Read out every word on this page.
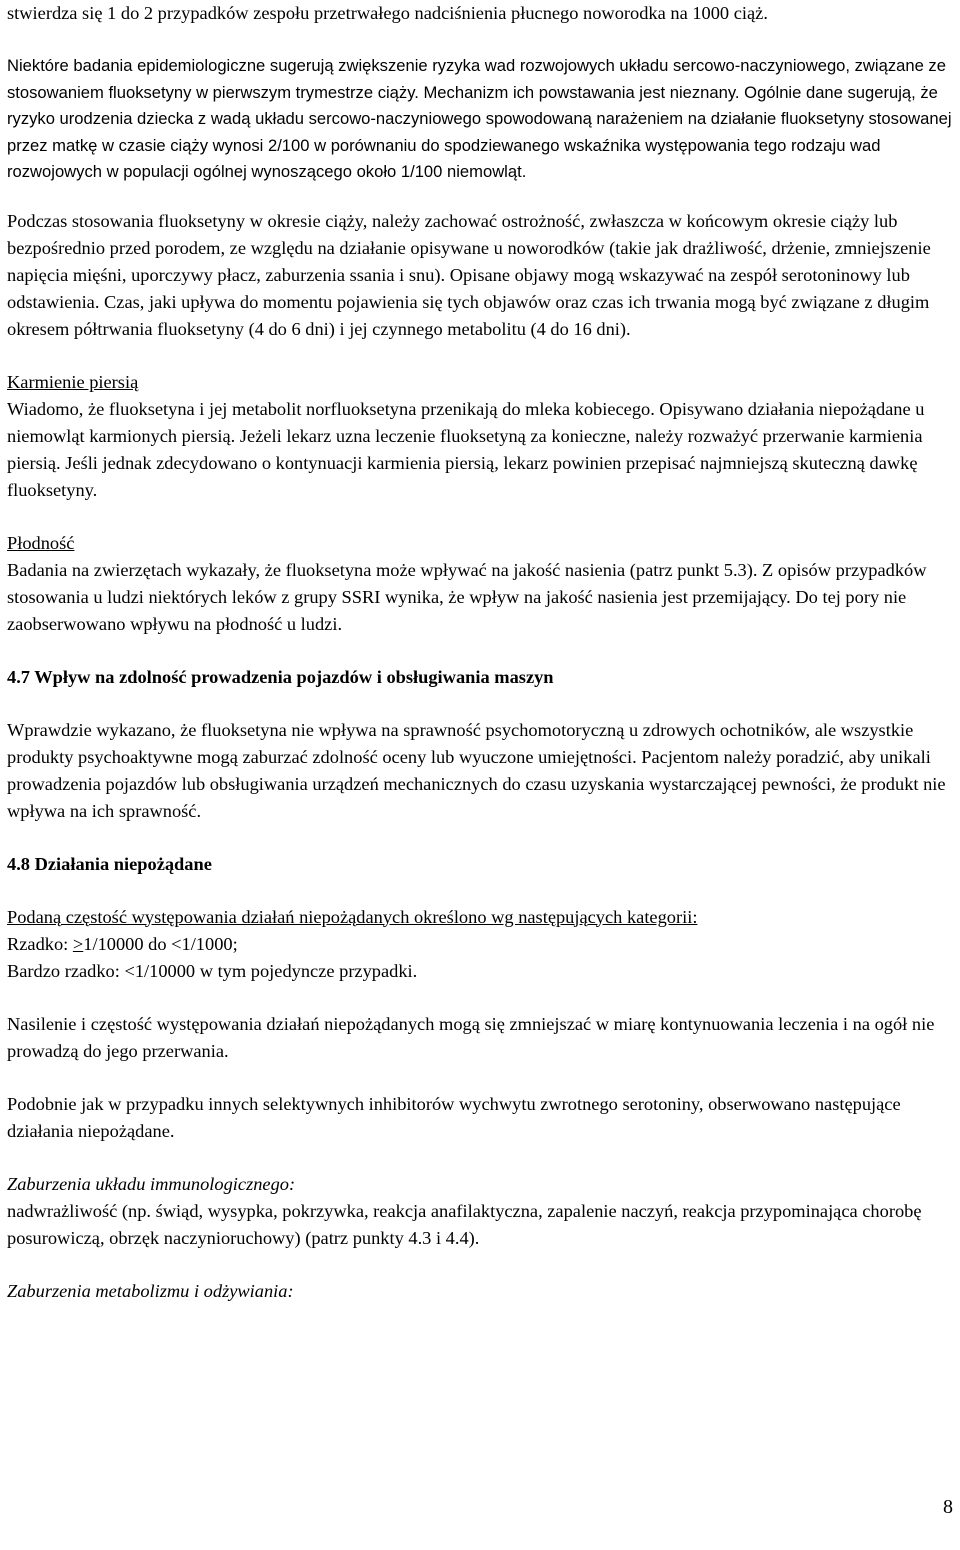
stwierdza się 1 do 2 przypadków zespołu przetrwałego nadciśnienia płucnego noworodka na 1000 ciąż.

Niektóre badania epidemiologiczne sugerują zwiększenie ryzyka wad rozwojowych układu sercowo-naczyniowego, związane ze stosowaniem fluoksetyny w pierwszym trymestrze ciąży. Mechanizm ich powstawania jest nieznany. Ogólnie dane sugerują, że ryzyko urodzenia dziecka z wadą układu sercowo-naczyniowego spowodowaną narażeniem na działanie fluoksetyny stosowanej przez matkę w czasie ciąży wynosi 2/100 w porównaniu do spodziewanego wskaźnika występowania tego rodzaju wad rozwojowych w populacji ogólnej wynoszącego około 1/100 niemowląt.

Podczas stosowania fluoksetyny w okresie ciąży, należy zachować ostrożność, zwłaszcza w końcowym okresie ciąży lub bezpośrednio przed porodem, ze względu na działanie opisywane u noworodków (takie jak drażliwość, drżenie, zmniejszenie napięcia mięśni, uporczywy płacz, zaburzenia ssania i snu). Opisane objawy mogą wskazywać na zespół serotoninowy lub odstawienia. Czas, jaki upływa do momentu pojawienia się tych objawów oraz czas ich trwania mogą być związane z długim okresem półtrwania fluoksetyny (4 do 6 dni) i jej czynnego metabolitu (4 do 16 dni).

Karmienie piersią

Wiadomo, że fluoksetyna i jej metabolit norfluoksetyna przenikają do mleka kobiecego. Opisywano działania niepożądane u niemowląt karmionych piersią. Jeżeli lekarz uzna leczenie fluoksetyną za konieczne, należy rozważyć przerwanie karmienia piersią. Jeśli jednak zdecydowano o kontynuacji karmienia piersią, lekarz powinien przepisać najmniejszą skuteczną dawkę fluoksetyny.

Płodność

Badania na zwierzętach wykazały, że fluoksetyna może wpływać na jakość nasienia (patrz punkt 5.3). Z opisów przypadków stosowania u ludzi niektórych leków z grupy SSRI wynika, że wpływ na jakość nasienia jest przemijający. Do tej pory nie zaobserwowano wpływu na płodność u ludzi.

4.7 Wpływ na zdolność prowadzenia pojazdów i obsługiwania maszyn

Wprawdzie wykazano, że fluoksetyna nie wpływa na sprawność psychomotoryczną u zdrowych ochotników, ale wszystkie produkty psychoaktywne mogą zaburzać zdolność oceny lub wyuczone umiejętności. Pacjentom należy poradzić, aby unikali prowadzenia pojazdów lub obsługiwania urządzeń mechanicznych do czasu uzyskania wystarczającej pewności, że produkt nie wpływa na ich sprawność.

4.8 Działania niepożądane

Podaną częstość występowania działań niepożądanych określono wg następujących kategorii:

Rzadko: >1/10000 do <1/1000;

Bardzo rzadko: <1/10000 w tym pojedyncze przypadki.

Nasilenie i częstość występowania działań niepożądanych mogą się zmniejszać w miarę kontynuowania leczenia i na ogół nie prowadzą do jego przerwania.

Podobnie jak w przypadku innych selektywnych inhibitorów wychwytu zwrotnego serotoniny, obserwowano następujące działania niepożądane.

Zaburzenia układu immunologicznego:

nadwrażliwość (np. świąd, wysypka, pokrzywka, reakcja anafilaktyczna, zapalenie naczyń, reakcja przypominająca chorobę posurowiczą, obrzęk naczynioruchowy) (patrz punkty 4.3 i 4.4).

Zaburzenia metabolizmu i odżywiania:

8
